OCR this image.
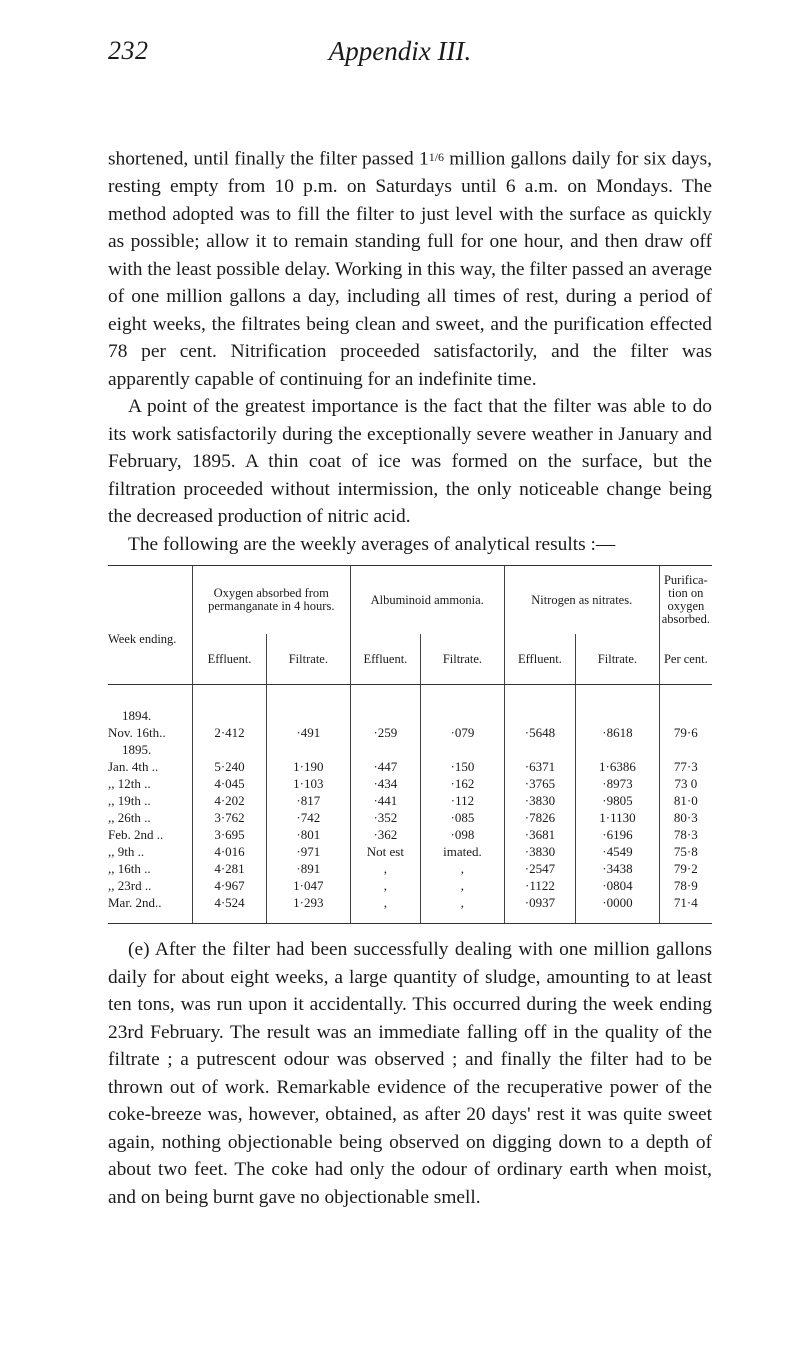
232	Appendix III.

shortened, until finally the filter passed 11/6 million gallons daily for six days, resting empty from 10 p.m. on Saturdays until 6 a.m. on Mondays. The method adopted was to fill the filter to just level with the surface as quickly as possible; allow it to remain standing full for one hour, and then draw off with the least possible delay. Working in this way, the filter passed an average of one million gallons a day, including all times of rest, during a period of eight weeks, the filtrates being clean and sweet, and the purification effected 78 per cent. Nitrification proceeded satisfactorily, and the filter was apparently capable of continuing for an indefinite time.

A point of the greatest importance is the fact that the filter was able to do its work satisfactorily during the exceptionally severe weather in January and February, 1895. A thin coat of ice was formed on the surface, but the filtration proceeded without intermission, the only noticeable change being the decreased production of nitric acid.

The following are the weekly averages of analytical results :—

Week ending.	Oxygen absorbed from permanganate in 4 hours.		Albuminoid ammonia.		Nitrogen as nitrates.		Purifica- tion on oxygen absorbed.
	Effluent.	Filtrate.	Effluent.	Filtrate.	Effluent.	Filtrate.	Per cent.

1894.							
Nov. 16th..	2·412	·491	·259	·079	·5648	·8618	79·6
1895.							
Jan. 4th ..	5·240	1·190	·447	·150	·6371	1·6386	77·3
,, 12th ..	4·045	1·103	·434	·162	·3765	·8973	73 0
,, 19th ..	4·202	·817	·441	·112	·3830	·9805	81·0
,, 26th ..	3·762	·742	·352	·085	·7826	1·1130	80·3
Feb. 2nd ..	3·695	·801	·362	·098	·3681	·6196	78·3
,, 9th ..	4·016	·971	Not est	imated.	·3830	·4549	75·8
,, 16th ..	4·281	·891	,	,	·2547	·3438	79·2
,, 23rd ..	4·967	1·047	,	,	·1122	·0804	78·9
Mar. 2nd..	4·524	1·293	,	,	·0937	·0000	71·4

(e) After the filter had been successfully dealing with one million gallons daily for about eight weeks, a large quantity of sludge, amounting to at least ten tons, was run upon it accidentally. This occurred during the week ending 23rd February. The result was an immediate falling off in the quality of the filtrate ; a putrescent odour was observed ; and finally the filter had to be thrown out of work. Remarkable evidence of the recuperative power of the coke-breeze was, however, obtained, as after 20 days' rest it was quite sweet again, nothing objectionable being observed on digging down to a depth of about two feet. The coke had only the odour of ordinary earth when moist, and on being burnt gave no objectionable smell.
